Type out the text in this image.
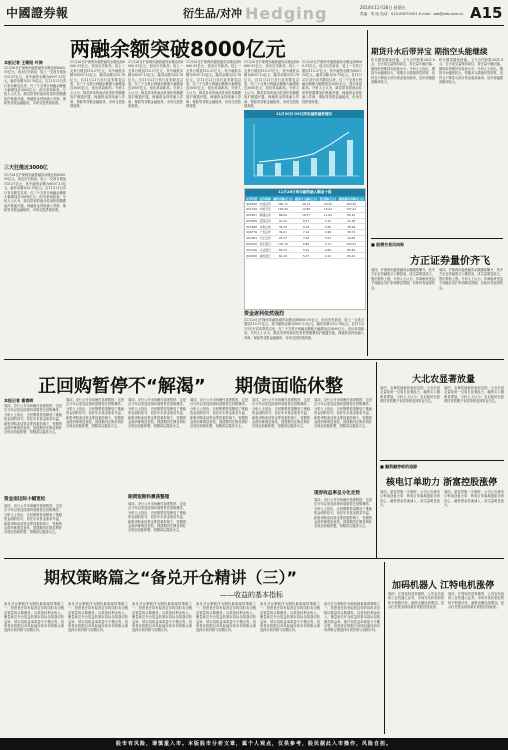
中國證券報	衍生品/对冲 Hedging	2014年11月28日 星期五
责编：朱 晗 电话：010-63070431 E-mail：zzb@zzb.com.cn A15
两融余额突破8000亿元
本报记者 王朝阳 叶涛
11月26日沪深两市融资融券余额达到8060.91亿元，创出历史新高，较上一交易日增加115.57亿元，其中融资余额为8007.13亿元，融券余额为53.78亿元。自11月21日央行宣布降息以来，仅三个交易日两融余额便大幅增加近3000亿元，创出单周新高。分析人士认为，降息带来的流动性宽松预期叠加沪港通开通，两融资金持续涌入券商、保险等非银金融板块，市场交投热情高涨。
三天狂揽近3000亿
11月26日沪深两市融资融券余额达到8060.91亿元，创出历史新高，较上一交易日增加115.57亿元，其中融资余额为8007.13亿元，融券余额为53.78亿元。自11月21日央行宣布降息以来，仅三个交易日两融余额便大幅增加近3000亿元，创出单周新高。分析人士认为，降息带来的流动性宽松预期叠加沪港通开通，两融资金持续涌入券商、保险等非银金融板块，市场交投热情高涨。
11月26日沪深两市融资融券余额达到8060.91亿元，创出历史新高，较上一交易日增加115.57亿元，其中融资余额为8007.13亿元，融券余额为53.78亿元。自11月21日央行宣布降息以来，仅三个交易日两融余额便大幅增加近3000亿元，创出单周新高。分析人士认为，降息带来的流动性宽松预期叠加沪港通开通，两融资金持续涌入券商、保险等非银金融板块，市场交投热情高涨。
11月26日沪深两市融资融券余额达到8060.91亿元，创出历史新高，较上一交易日增加115.57亿元，其中融资余额为8007.13亿元，融券余额为53.78亿元。自11月21日央行宣布降息以来，仅三个交易日两融余额便大幅增加近3000亿元，创出单周新高。分析人士认为，降息带来的流动性宽松预期叠加沪港通开通，两融资金持续涌入券商、保险等非银金融板块，市场交投热情高涨。
11月26日沪深两市融资融券余额达到8060.91亿元，创出历史新高，较上一交易日增加115.57亿元，其中融资余额为8007.13亿元，融券余额为53.78亿元。自11月21日央行宣布降息以来，仅三个交易日两融余额便大幅增加近3000亿元，创出单周新高。分析人士认为，降息带来的流动性宽松预期叠加沪港通开通，两融资金持续涌入券商、保险等非银金融板块，市场交投热情高涨。
11月26日沪深两市融资融券余额达到8060.91亿元，创出历史新高，较上一交易日增加115.57亿元，其中融资余额为8007.13亿元，融券余额为53.78亿元。自11月21日央行宣布降息以来，仅三个交易日两融余额便大幅增加近3000亿元，创出单周新高。分析人士认为，降息带来的流动性宽松预期叠加沪港通开通，两融资金持续涌入券商、保险等非银金融板块，市场交投热情高涨。
11月26日沪深两市融资融券余额达到8060.91亿元，创出历史新高，较上一交易日增加115.57亿元，其中融资余额为8007.13亿元，融券余额为53.78亿元。自11月21日央行宣布降息以来，仅三个交易日两融余额便大幅增加近3000亿元，创出单周新高。分析人士认为，降息带来的流动性宽松预期叠加沪港通开通，两融资金持续涌入券商、保险等非银金融板块，市场交投热情高涨。
11月20日-26日两市融资融券情况
11月26日两市融资融入额前十股
证券代码	证券简称	融资余额(亿元)	融资买入额(亿元)	偿还额(亿元)	融资融券余额(亿元)
600030	中信证券	162.71	29.13	20.35	163.40
601318	中国平安	126.50	14.88	10.22	127.21
600837	海通证券	88.64	16.37	11.64	89.10
600999	招商证券	41.25	8.57	5.19	41.38
601688	华泰证券	38.76	8.02	5.80	38.99
000776	广发证券	36.61	7.44	4.98	36.74
601901	方正证券	24.37	7.02	3.51	24.40
600016	民生银行	102.30	6.85	5.77	102.67
601166	兴业银行	85.22	5.91	4.60	85.65
600000	浦发银行	64.19	5.47	4.13	64.41
资金逐利依然强烈
11月26日沪深两市融资融券余额达到8060.91亿元，创出历史新高，较上一交易日增加115.57亿元，其中融资余额为8007.13亿元，融券余额为53.78亿元。自11月21日央行宣布降息以来，仅三个交易日两融余额便大幅增加近3000亿元，创出单周新高。分析人士认为，降息带来的流动性宽松预期叠加沪港通开通，两融资金持续涌入券商、保险等非银金融板块，市场交投热情高涨。
期货升水后带异宝 期指空头能继续
昨日期指震荡回落，主力合约收报2621.8点，全天成交量保持高位，持仓量小幅回落，期现价差维持在较高水平。分析人士指出，期指升水幅度较大，短期多头情绪仍然浓厚，但持仓下降显示部分资金逢高离场，后市宽幅震荡概率较大。
昨日期指震荡回落，主力合约收报2621.8点，全天成交量保持高位，持仓量小幅回落，期现价差维持在较高水平。分析人士指出，期指升水幅度较大，短期多头情绪仍然浓厚，但持仓下降显示部分资金逢高离场，后市宽幅震荡概率较大。
■ 股债交易风向标
方正证券量价齐飞
周四，沪深两市融资融券余额继续攀升，其中方正证券融资买入额居前，成交量明显放大，股价强势上涨。分析人士认为，券商板块受益于两融业务扩张和降息预期，后续仍有表现机会。
周四，沪深两市融资融券余额继续攀升，其中方正证券融资买入额居前，成交量明显放大，股价强势上涨。分析人士认为，券商板块受益于两融业务扩张和降息预期，后续仍有表现机会。
正回购暂停不“解渴” 期债面临休整
本报记者 葛春晖
周四，央行公开市场操作再度暂停，这是自今年以来连续第四周暂停正回购操作。分析人士指出，正回购暂停虽释放了维稳资金面的信号，但在年末资金需求升温、新股申购冻结资金等因素影响下，短期资金面仍难明显宽松。国债期货在降息利好兑现后面临休整，短期或以震荡为主。
资金面边际小幅宽松
周四，央行公开市场操作再度暂停，这是自今年以来连续第四周暂停正回购操作。分析人士指出，正回购暂停虽释放了维稳资金面的信号，但在年末资金需求升温、新股申购冻结资金等因素影响下，短期资金面仍难明显宽松。国债期货在降息利好兑现后面临休整，短期或以震荡为主。
周四，央行公开市场操作再度暂停，这是自今年以来连续第四周暂停正回购操作。分析人士指出，正回购暂停虽释放了维稳资金面的信号，但在年末资金需求升温、新股申购冻结资金等因素影响下，短期资金面仍难明显宽松。国债期货在降息利好兑现后面临休整，短期或以震荡为主。
周四，央行公开市场操作再度暂停，这是自今年以来连续第四周暂停正回购操作。分析人士指出，正回购暂停虽释放了维稳资金面的信号，但在年末资金需求升温、新股申购冻结资金等因素影响下，短期资金面仍难明显宽松。国债期货在降息利好兑现后面临休整，短期或以震荡为主。
期债短期料震荡整理
周四，央行公开市场操作再度暂停，这是自今年以来连续第四周暂停正回购操作。分析人士指出，正回购暂停虽释放了维稳资金面的信号，但在年末资金需求升温、新股申购冻结资金等因素影响下，短期资金面仍难明显宽松。国债期货在降息利好兑现后面临休整，短期或以震荡为主。
周四，央行公开市场操作再度暂停，这是自今年以来连续第四周暂停正回购操作。分析人士指出，正回购暂停虽释放了维稳资金面的信号，但在年末资金需求升温、新股申购冻结资金等因素影响下，短期资金面仍难明显宽松。国债期货在降息利好兑现后面临休整，短期或以震荡为主。
周四，央行公开市场操作再度暂停，这是自今年以来连续第四周暂停正回购操作。分析人士指出，正回购暂停虽释放了维稳资金面的信号，但在年末资金需求升温、新股申购冻结资金等因素影响下，短期资金面仍难明显宽松。国债期货在降息利好兑现后面临休整，短期或以震荡为主。
周四，央行公开市场操作再度暂停，这是自今年以来连续第四周暂停正回购操作。分析人士指出，正回购暂停虽释放了维稳资金面的信号，但在年末资金需求升温、新股申购冻结资金等因素影响下，短期资金面仍难明显宽松。国债期货在降息利好兑现后面临休整，短期或以震荡为主。
现券收益率呈分化走势
周四，央行公开市场操作再度暂停，这是自今年以来连续第四周暂停正回购操作。分析人士指出，正回购暂停虽释放了维稳资金面的信号，但在年末资金需求升温、新股申购冻结资金等因素影响下，短期资金面仍难明显宽松。国债期货在降息利好兑现后面临休整，短期或以震荡为主。
大北农显著放量
周四，农林牧渔板块表现活跃，大北农成交量较前一交易日显著放大，融资买入额明显增加。分析人士认为，农业板块在政策扶持预期下有望持续受到资金关注。
周四，农林牧渔板块表现活跃，大北农成交量较前一交易日显著放大，融资买入额明显增加。分析人士认为，农业板块在政策扶持预期下有望持续受到资金关注。
■ 融资融券标的追踪
核电订单助力 浙富控股涨停
周四，浙富控股一字涨停，公司公告称签订核电设备大单，核电订单落地提振市场信心，融资资金快速涌入，成交量明显放大。
周四，浙富控股一字涨停，公司公告称签订核电设备大单，核电订单落地提振市场信心，融资资金快速涌入，成交量明显放大。
期权策略篇之“备兑开仓精讲（三）”
——收益的基本指标
备兑开仓策略作为期权最基础的策略之一，投资者在持有标的证券的同时卖出相应数量的认购期权，以获取权利金收入。衡量备兑开仓收益的基本指标包括静态收益率、被行权收益率和盈亏平衡点等，投资者应根据自身风险偏好和市场判断合理选择行权价格与到期月份。
备兑开仓策略作为期权最基础的策略之一，投资者在持有标的证券的同时卖出相应数量的认购期权，以获取权利金收入。衡量备兑开仓收益的基本指标包括静态收益率、被行权收益率和盈亏平衡点等，投资者应根据自身风险偏好和市场判断合理选择行权价格与到期月份。
备兑开仓策略作为期权最基础的策略之一，投资者在持有标的证券的同时卖出相应数量的认购期权，以获取权利金收入。衡量备兑开仓收益的基本指标包括静态收益率、被行权收益率和盈亏平衡点等，投资者应根据自身风险偏好和市场判断合理选择行权价格与到期月份。
备兑开仓策略作为期权最基础的策略之一，投资者在持有标的证券的同时卖出相应数量的认购期权，以获取权利金收入。衡量备兑开仓收益的基本指标包括静态收益率、被行权收益率和盈亏平衡点等，投资者应根据自身风险偏好和市场判断合理选择行权价格与到期月份。
备兑开仓策略作为期权最基础的策略之一，投资者在持有标的证券的同时卖出相应数量的认购期权，以获取权利金收入。衡量备兑开仓收益的基本指标包括静态收益率、被行权收益率和盈亏平衡点等，投资者应根据自身风险偏好和市场判断合理选择行权价格与到期月份。
备兑开仓策略作为期权最基础的策略之一，投资者在持有标的证券的同时卖出相应数量的认购期权，以获取权利金收入。衡量备兑开仓收益的基本指标包括静态收益率、被行权收益率和盈亏平衡点等，投资者应根据自身风险偏好和市场判断合理选择行权价格与到期月份。
加码机器人 江特电机涨停
周四，江特电机逆势涨停，公司宣布加码工业机器人业务，市场对其转型前景给予积极评价。融资余额连续增加，显示杠杆资金持续看好该股后续表现。
周四，江特电机逆势涨停，公司宣布加码工业机器人业务，市场对其转型前景给予积极评价。融资余额连续增加，显示杠杆资金持续看好该股后续表现。
股市有风险，请慎重入市。本版股市分析文章，属个人观点，仅供参考，股民据此入市操作，风险自担。
